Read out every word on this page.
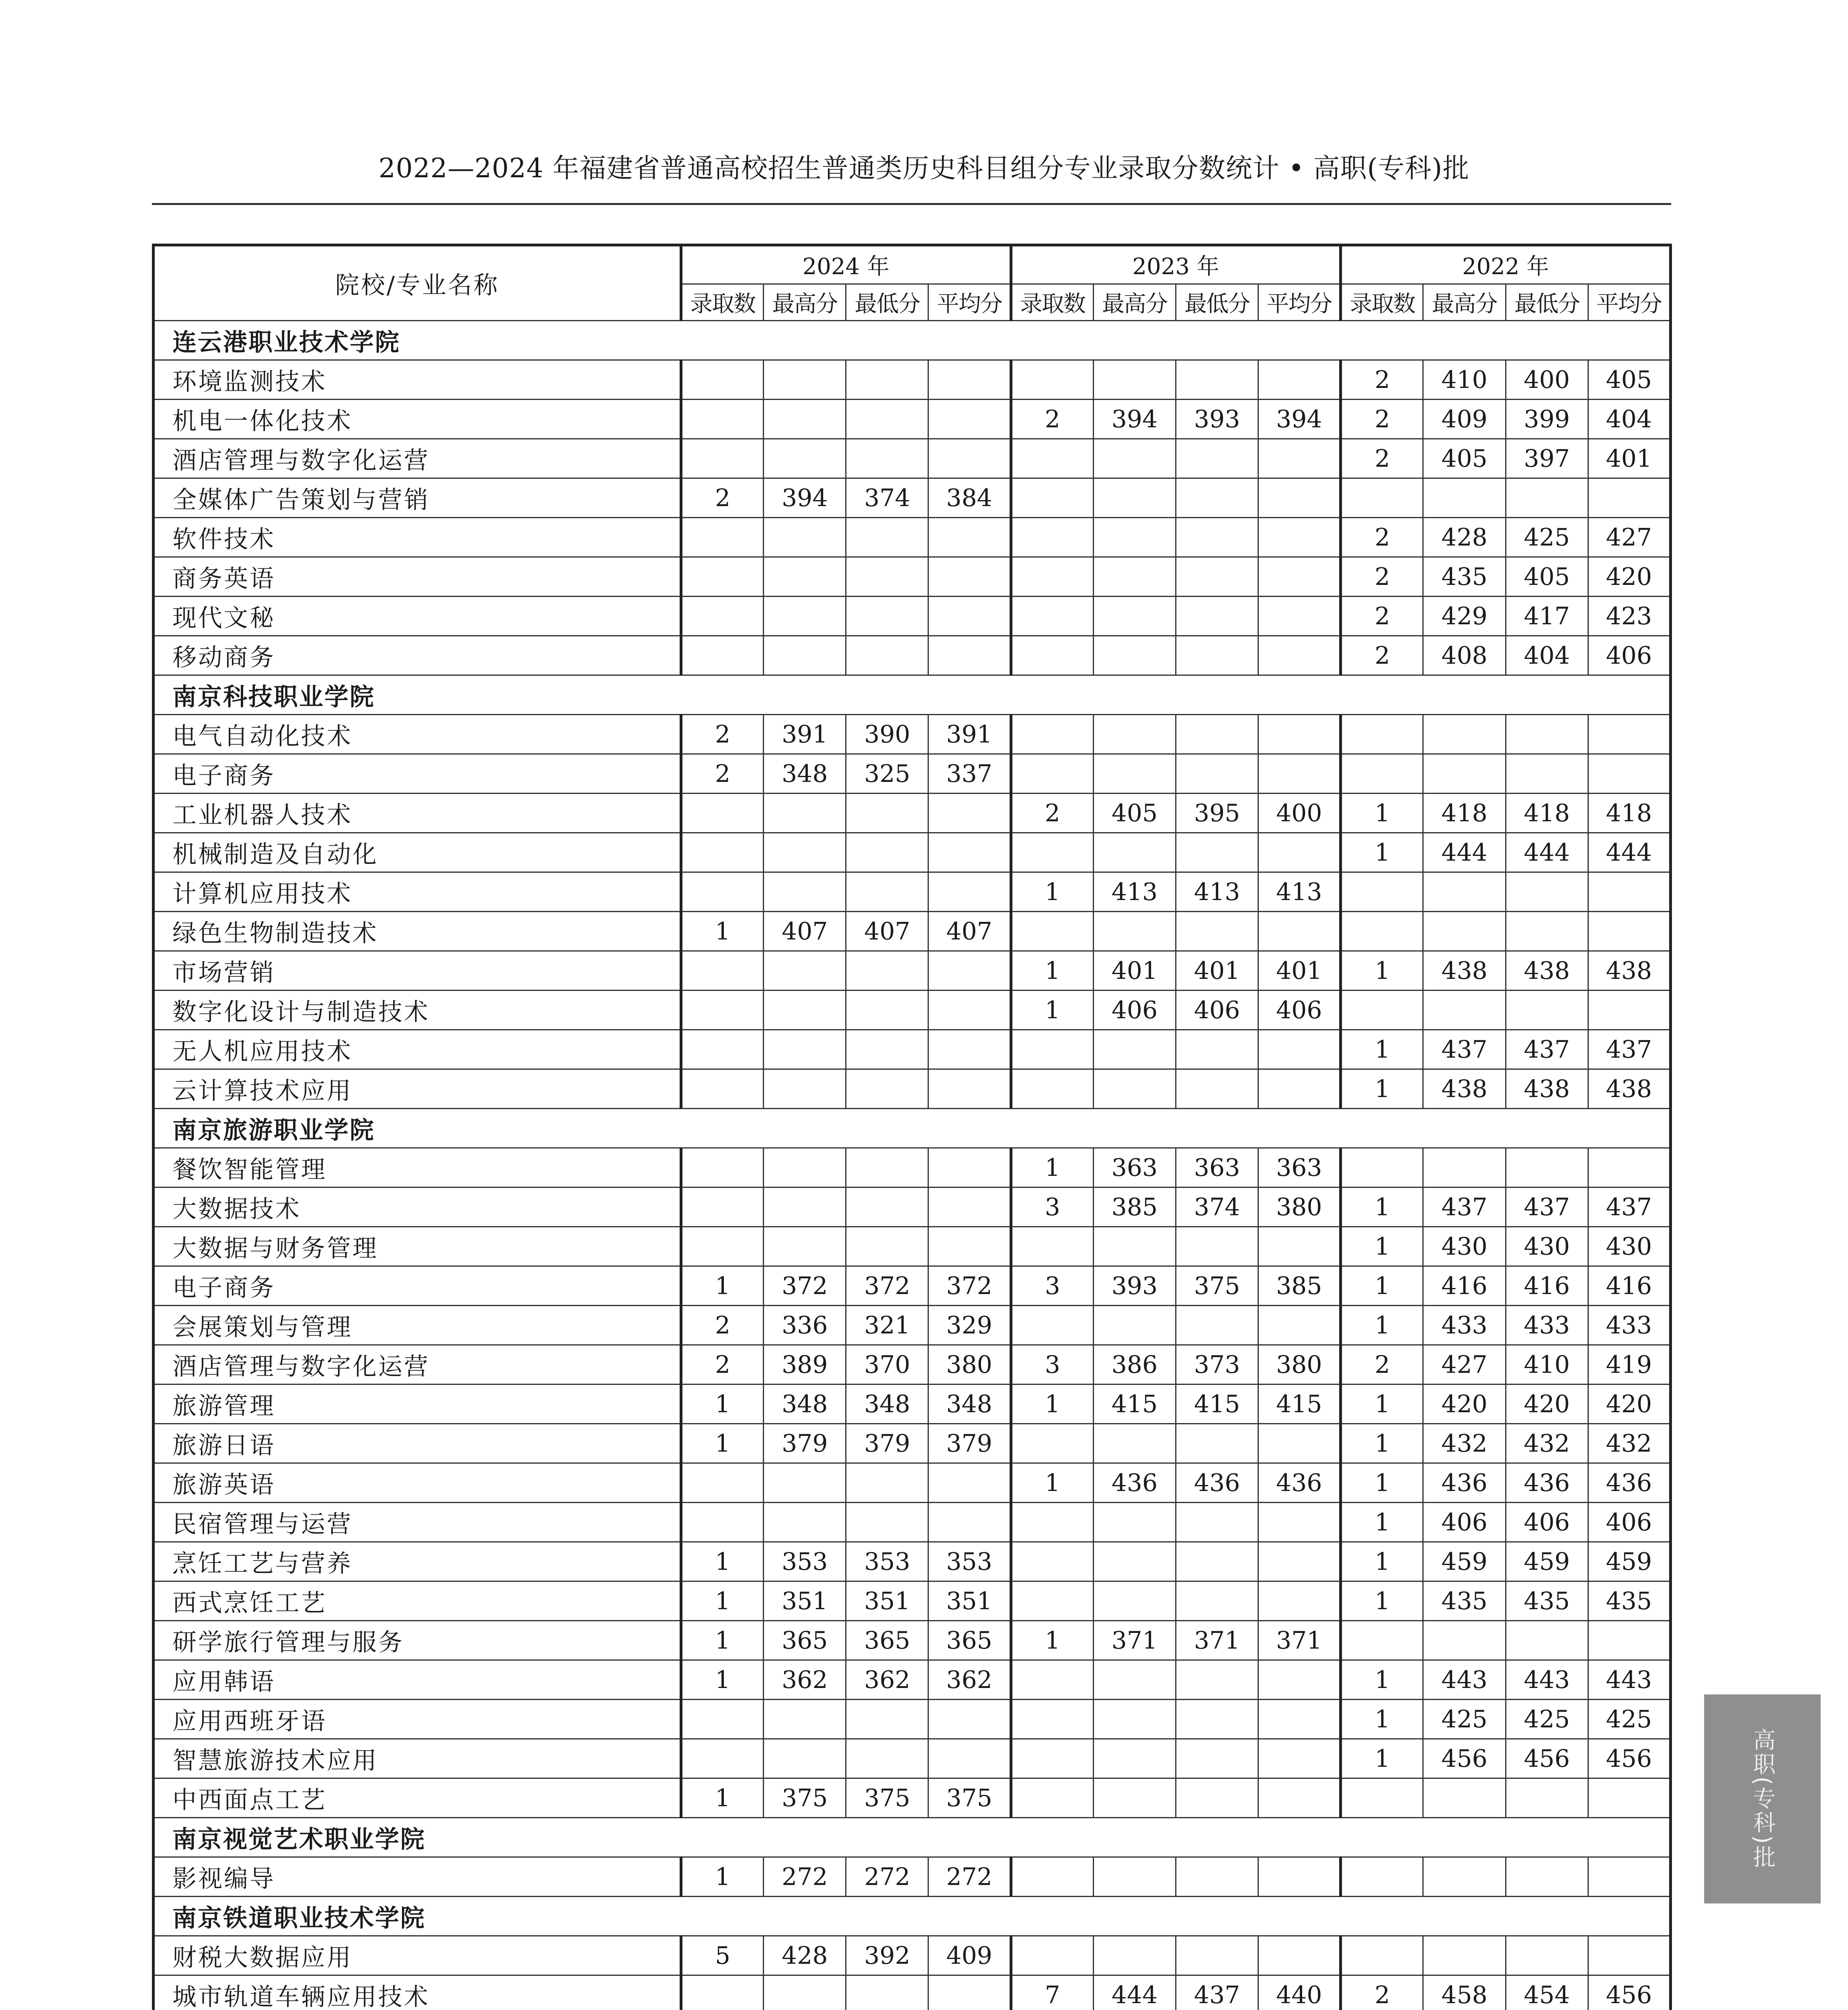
2022—2024 年福建省普通高校招生普通类历史科目组分专业录取分数统计 • 高职(专科)批
院校/专业名称	2024 年				2023 年				2022 年			
	录取数	最高分	最低分	平均分	录取数	最高分	最低分	平均分	录取数	最高分	最低分	平均分
连云港职业技术学院												
环境监测技术									2	410	400	405
机电一体化技术					2	394	393	394	2	409	399	404
酒店管理与数字化运营									2	405	397	401
全媒体广告策划与营销	2	394	374	384								
软件技术									2	428	425	427
商务英语									2	435	405	420
现代文秘									2	429	417	423
移动商务									2	408	404	406
南京科技职业学院												
电气自动化技术	2	391	390	391								
电子商务	2	348	325	337								
工业机器人技术					2	405	395	400	1	418	418	418
机械制造及自动化									1	444	444	444
计算机应用技术					1	413	413	413				
绿色生物制造技术	1	407	407	407								
市场营销					1	401	401	401	1	438	438	438
数字化设计与制造技术					1	406	406	406				
无人机应用技术									1	437	437	437
云计算技术应用									1	438	438	438
南京旅游职业学院												
餐饮智能管理					1	363	363	363				
大数据技术					3	385	374	380	1	437	437	437
大数据与财务管理									1	430	430	430
电子商务	1	372	372	372	3	393	375	385	1	416	416	416
会展策划与管理	2	336	321	329					1	433	433	433
酒店管理与数字化运营	2	389	370	380	3	386	373	380	2	427	410	419
旅游管理	1	348	348	348	1	415	415	415	1	420	420	420
旅游日语	1	379	379	379					1	432	432	432
旅游英语					1	436	436	436	1	436	436	436
民宿管理与运营									1	406	406	406
烹饪工艺与营养	1	353	353	353					1	459	459	459
西式烹饪工艺	1	351	351	351					1	435	435	435
研学旅行管理与服务	1	365	365	365	1	371	371	371				
应用韩语	1	362	362	362					1	443	443	443
应用西班牙语									1	425	425	425
智慧旅游技术应用									1	456	456	456
中西面点工艺	1	375	375	375								
南京视觉艺术职业学院												
影视编导	1	272	272	272								
南京铁道职业技术学院												
财税大数据应用	5	428	392	409								
城市轨道车辆应用技术					7	444	437	440	2	458	454	456

高职(专科)批
